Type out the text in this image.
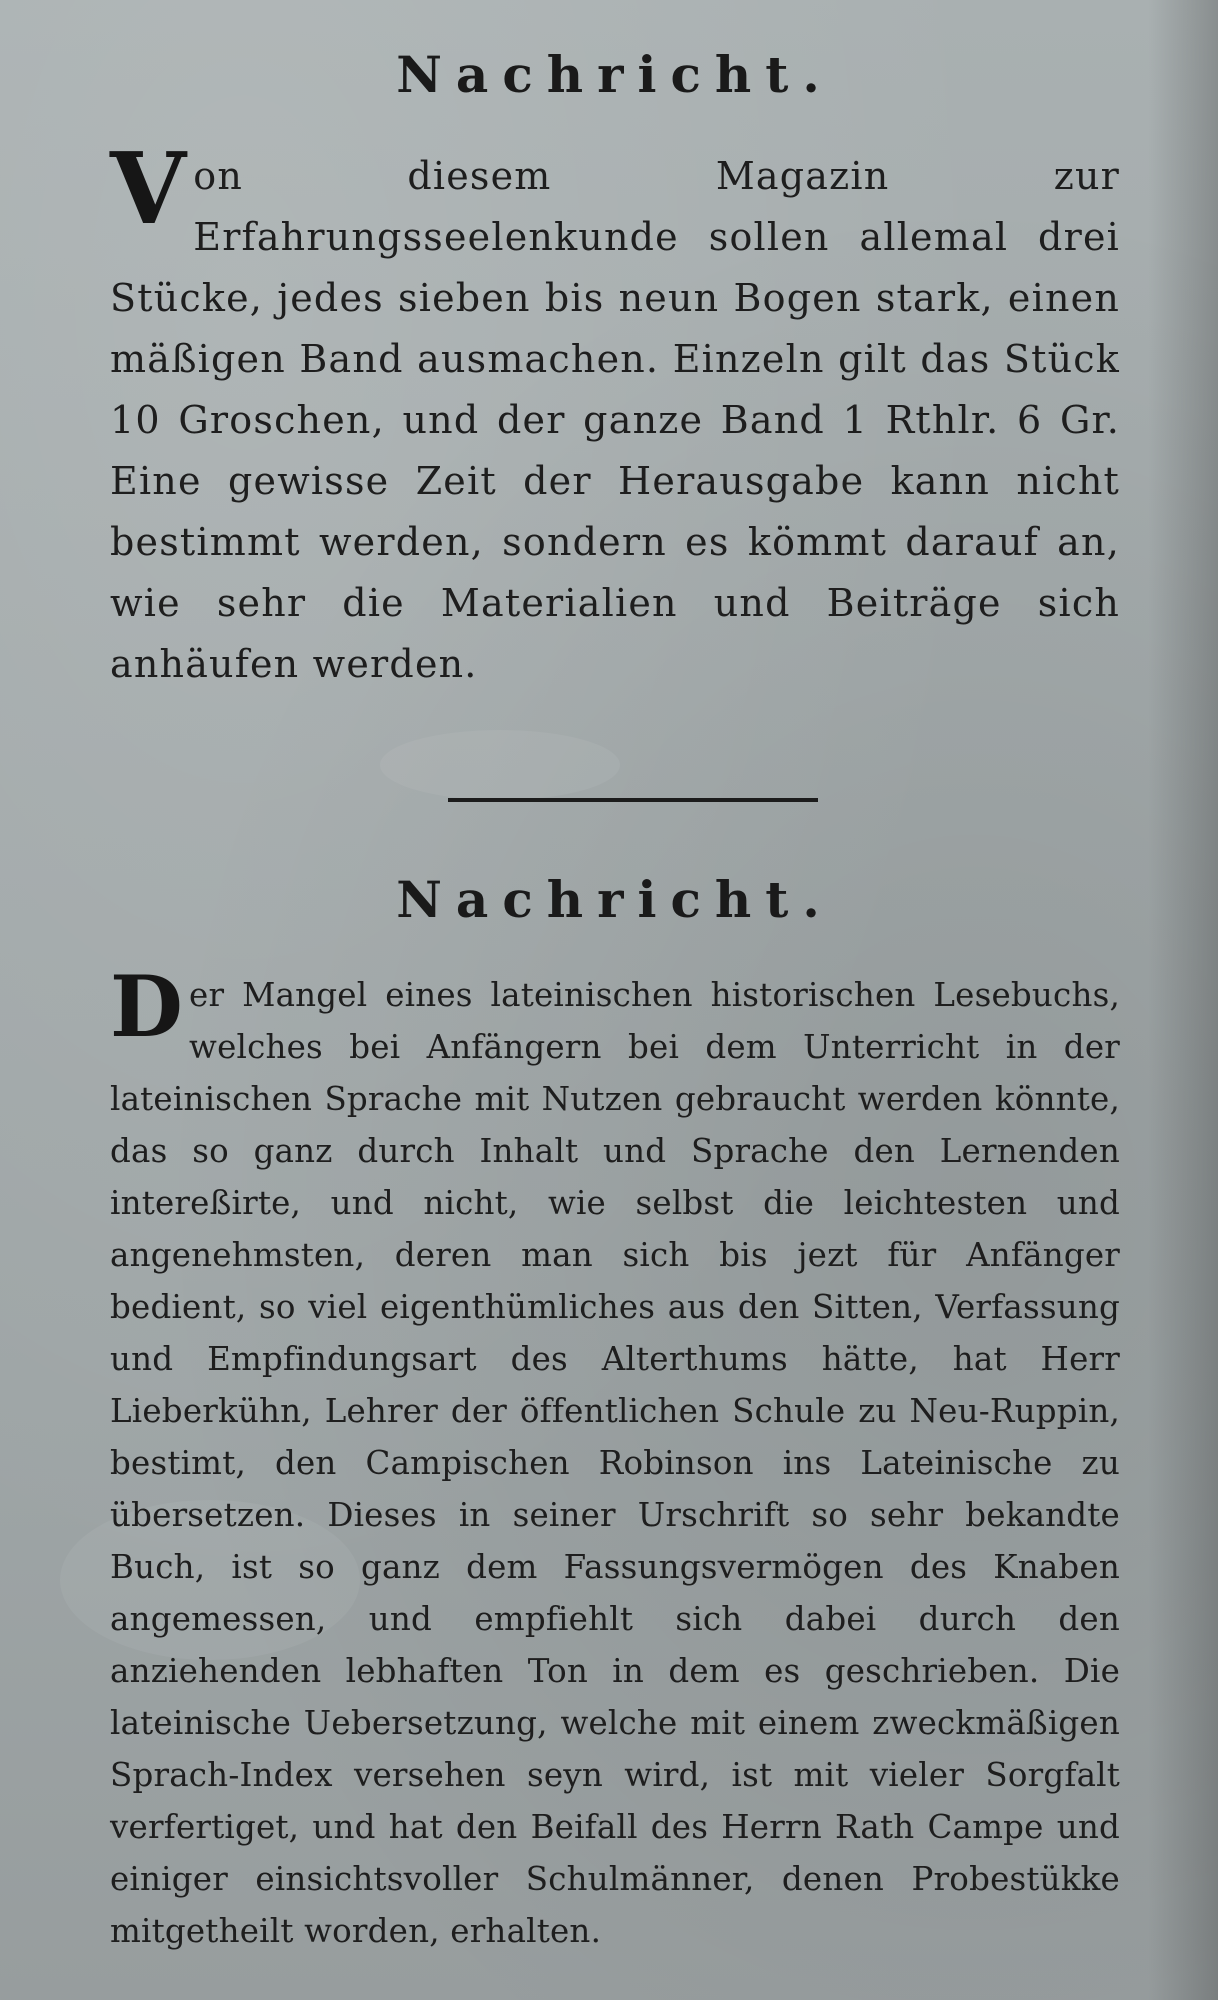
Nachricht.

Von diesem Magazin zur Erfahrungsseelenkunde sollen allemal drei Stücke, jedes sieben bis neun Bogen stark, einen mäßigen Band ausmachen. Einzeln gilt das Stück 10 Groschen, und der ganze Band 1 Rthlr. 6 Gr. Eine gewisse Zeit der Herausgabe kann nicht bestimmt werden, sondern es kömmt darauf an, wie sehr die Materialien und Beiträge sich anhäufen werden.

Nachricht.

Der Mangel eines lateinischen historischen Lesebuchs, welches bei Anfängern bei dem Unterricht in der lateinischen Sprache mit Nutzen gebraucht werden könnte, das so ganz durch Inhalt und Sprache den Lernenden intereßirte, und nicht, wie selbst die leichtesten und angenehmsten, deren man sich bis jezt für Anfänger bedient, so viel eigenthümliches aus den Sitten, Verfassung und Empfindungsart des Alterthums hätte, hat Herr Lieberkühn, Lehrer der öffentlichen Schule zu Neu-Ruppin, bestimt, den Campischen Robinson ins Lateinische zu übersetzen. Dieses in seiner Urschrift so sehr bekandte Buch, ist so ganz dem Fassungsvermögen des Knaben angemessen, und empfiehlt sich dabei durch den anziehenden lebhaften Ton in dem es geschrieben. Die lateinische Uebersetzung, welche mit einem zweckmäßigen Sprach-Index versehen seyn wird, ist mit vieler Sorgfalt verfertiget, und hat den Beifall des Herrn Rath Campe und einiger einsichtsvoller Schulmänner, denen Probestükke mitgetheilt worden, erhalten.
